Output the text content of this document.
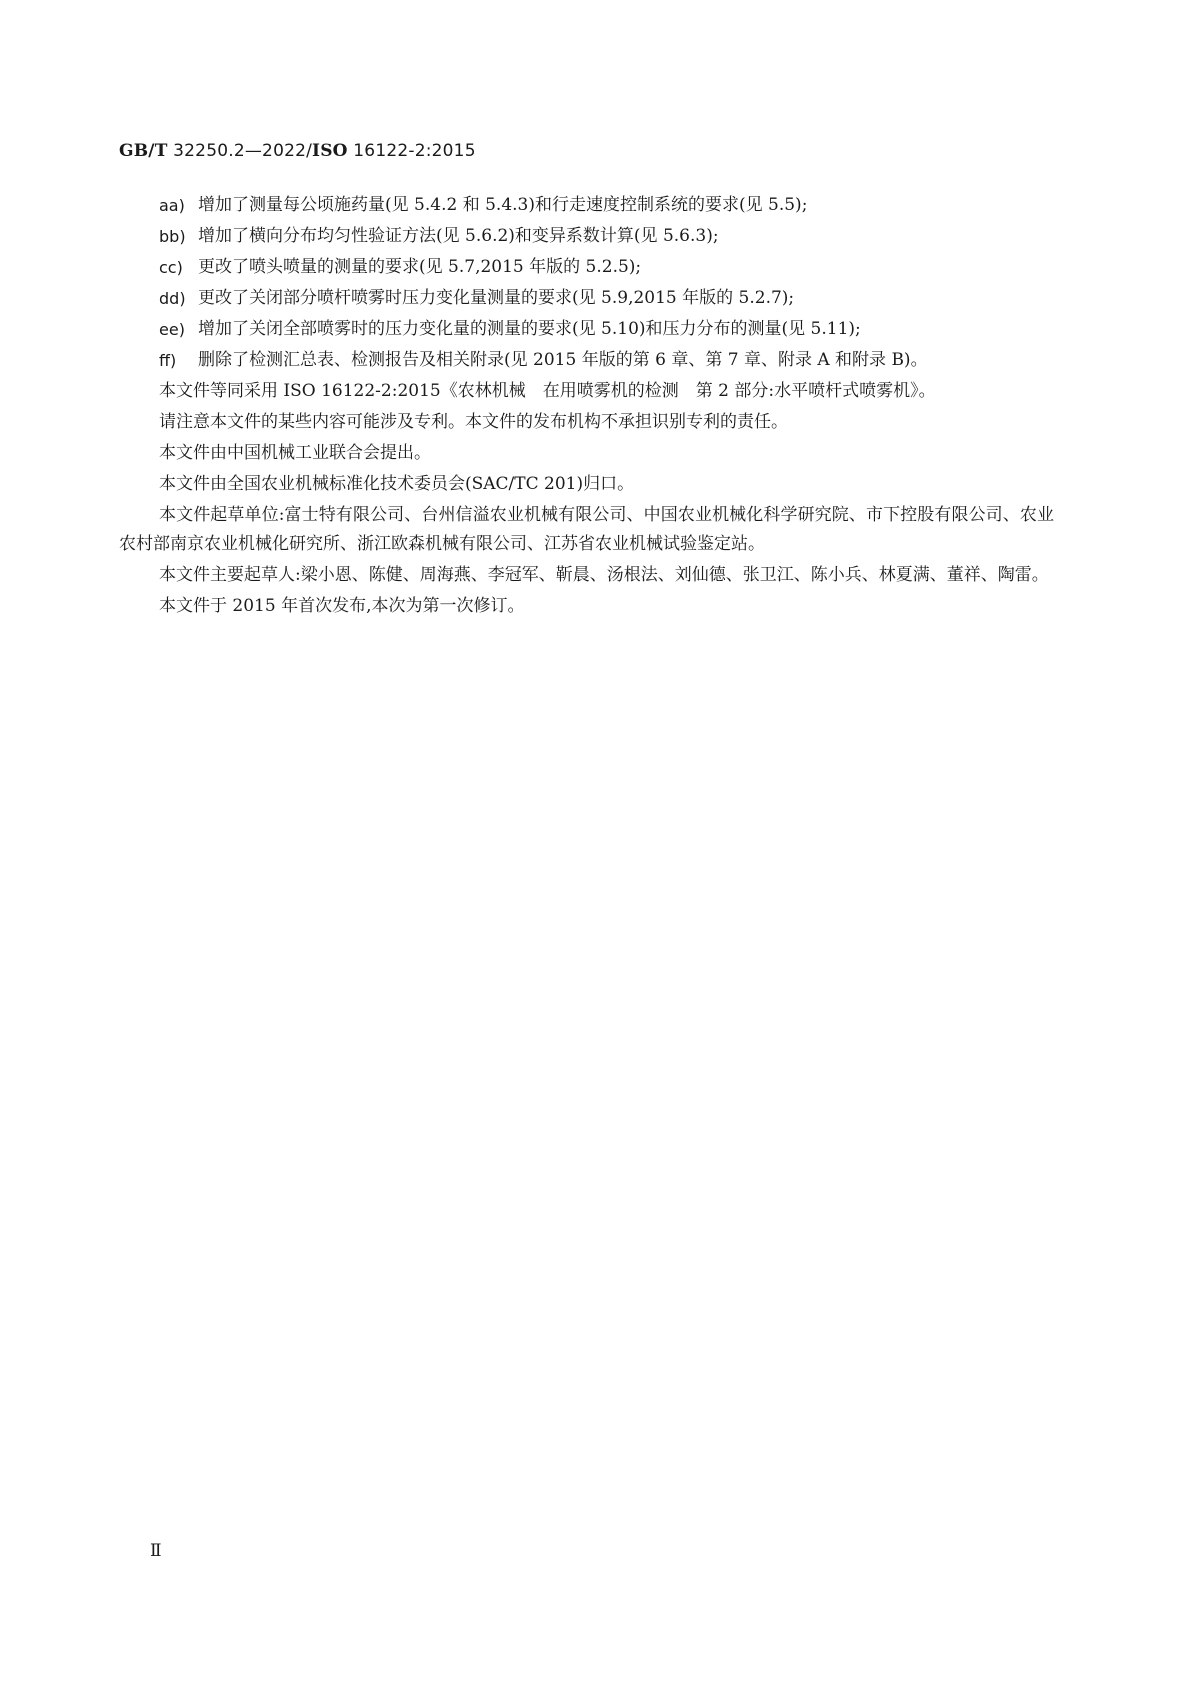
GB/T 32250.2—2022/ISO 16122-2:2015
aa) 增加了测量每公顷施药量(见 5.4.2 和 5.4.3)和行走速度控制系统的要求(见 5.5);
bb) 增加了横向分布均匀性验证方法(见 5.6.2)和变异系数计算(见 5.6.3);
cc) 更改了喷头喷量的测量的要求(见 5.7,2015 年版的 5.2.5);
dd) 更改了关闭部分喷杆喷雾时压力变化量测量的要求(见 5.9,2015 年版的 5.2.7);
ee) 增加了关闭全部喷雾时的压力变化量的测量的要求(见 5.10)和压力分布的测量(见 5.11);
ff)	删除了检测汇总表、检测报告及相关附录(见 2015 年版的第 6 章、第 7 章、附录 A 和附录 B)。

本文件等同采用 ISO 16122-2:2015《农林机械　在用喷雾机的检测　第 2 部分:水平喷杆式喷雾机》。

请注意本文件的某些内容可能涉及专利。本文件的发布机构不承担识别专利的责任。

本文件由中国机械工业联合会提出。

本文件由全国农业机械标准化技术委员会(SAC/TC 201)归口。

本文件起草单位:富士特有限公司、台州信溢农业机械有限公司、中国农业机械化科学研究院、市下控股有限公司、农业农村部南京农业机械化研究所、浙江欧森机械有限公司、江苏省农业机械试验鉴定站。

本文件主要起草人:梁小恩、陈健、周海燕、李冠军、靳晨、汤根法、刘仙德、张卫江、陈小兵、林夏满、董祥、陶雷。

本文件于 2015 年首次发布,本次为第一次修订。

Ⅱ
